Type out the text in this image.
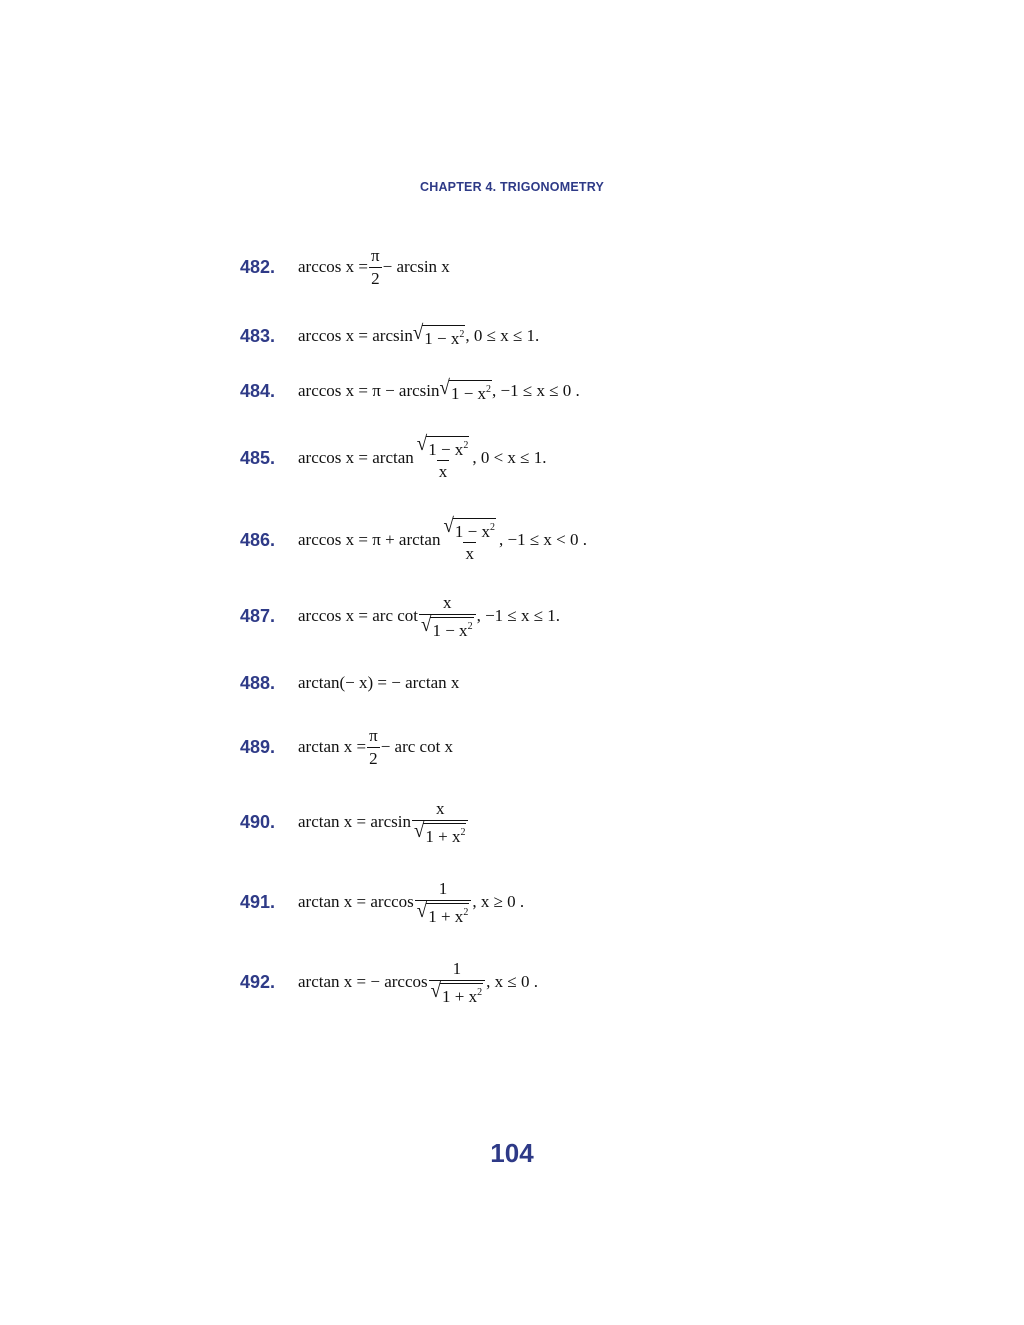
CHAPTER 4. TRIGONOMETRY
482. $\arccos x = \frac{\pi}{2} - \arcsin x$
483. arccos x = arcsin √ $1 - x^2$ , 0 ≤ x ≤ 1.
484. arccos x = π − arcsin √ $1 - x^2$ , −1 ≤ x ≤ 0 .
485. $\arccos x = \arctan \frac{√ 1 - x^2}{x}$ , 0 < x ≤ 1.
486. $\arccos x = \pi + \arctan \frac{√ 1 - x^2}{x}$ , −1 ≤ x < 0 .
487. arccos x = arc $\cot \frac{x}{√ 1 - x^2}$ , −1 ≤ x ≤ 1.
488. arctan(− x) = − arctan x
489. $\arctan x = \frac{\pi}{2}$ − arc cot x
490. $\arctan x = \arcsin \frac{x}{√ 1 + x^2}$
491. $\arctan x = \arccos \frac{1}{√ 1 + x^2}$ , x ≥ 0 .
492. arctan x = − $\arccos \frac{1}{√ 1 + x^2}$ , x ≤ 0 .
104
